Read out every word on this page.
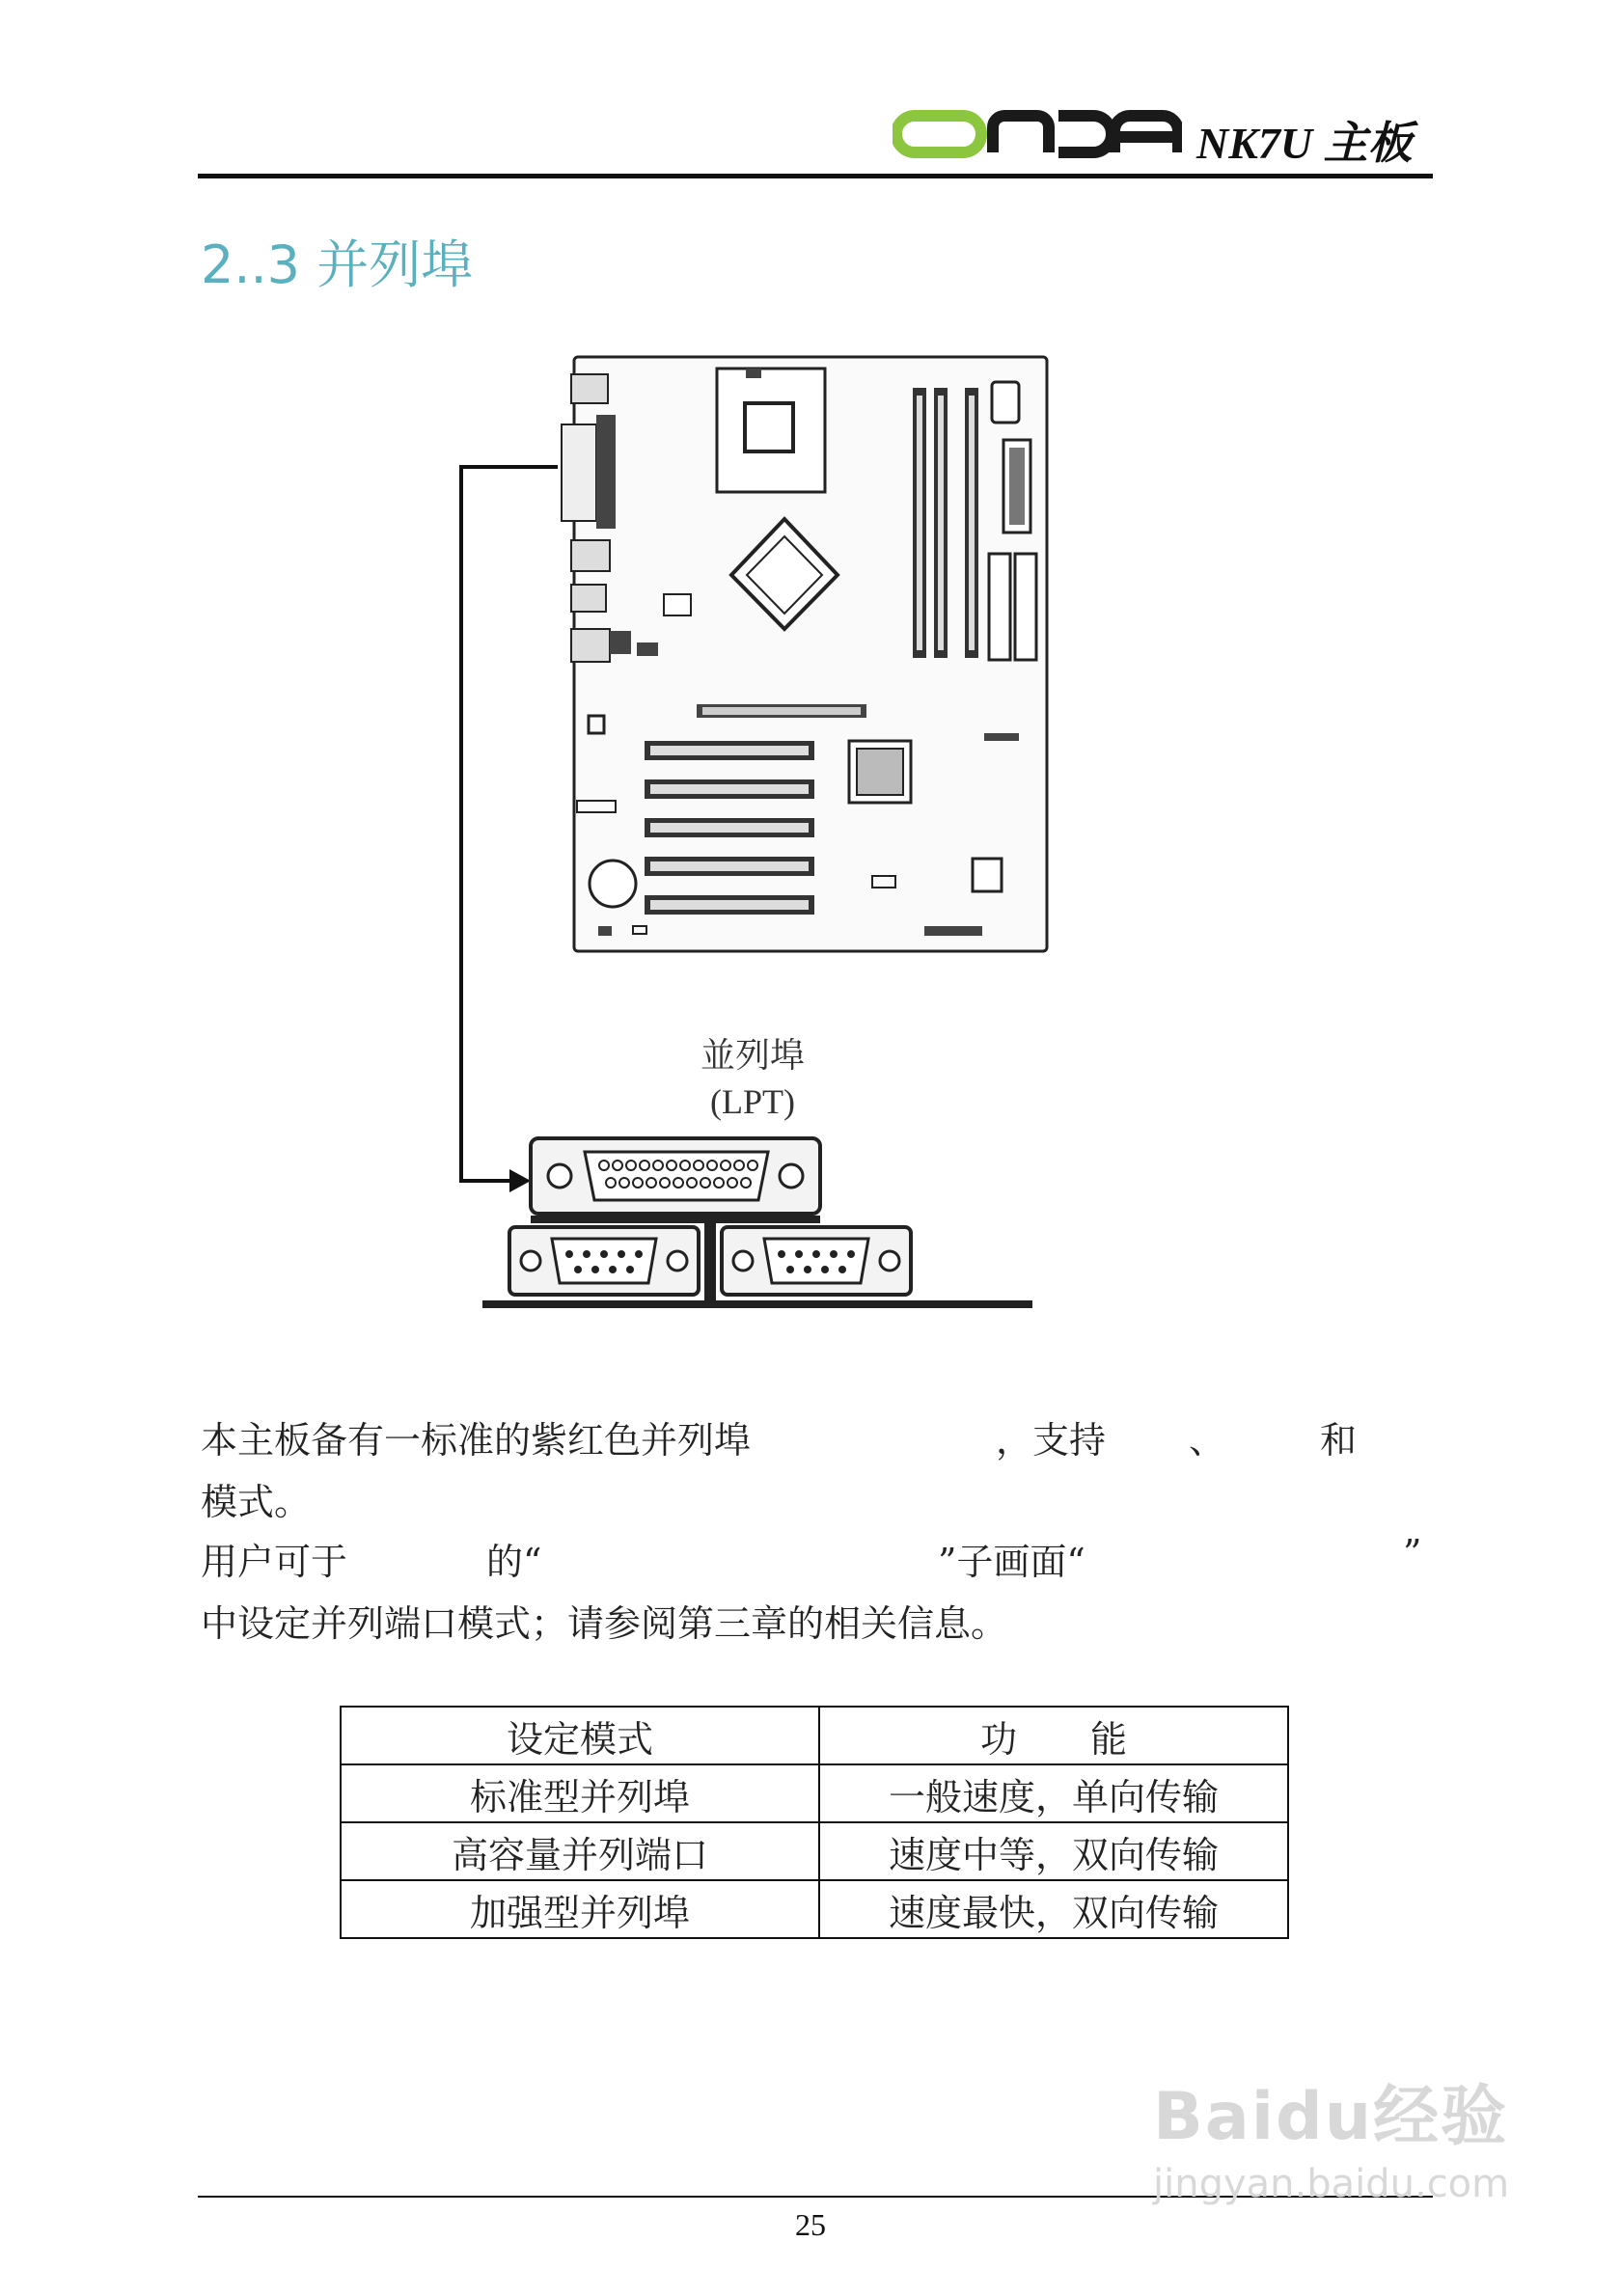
NK7U 主板
2..3 并列埠
並列埠
(LPT)
本主板备有一标准的紫红色并列埠	，支持 、	和
模式。
用户可于	的“	”子画面“	”
中设定并列端口模式；请参阅第三章的相关信息。
设定模式	功　　能
标准型并列埠	一般速度，单向传输
高容量并列端口	速度中等，双向传输
加强型并列埠	速度最快，双向传输
25
Baidu经验
jingyan.baidu.com
